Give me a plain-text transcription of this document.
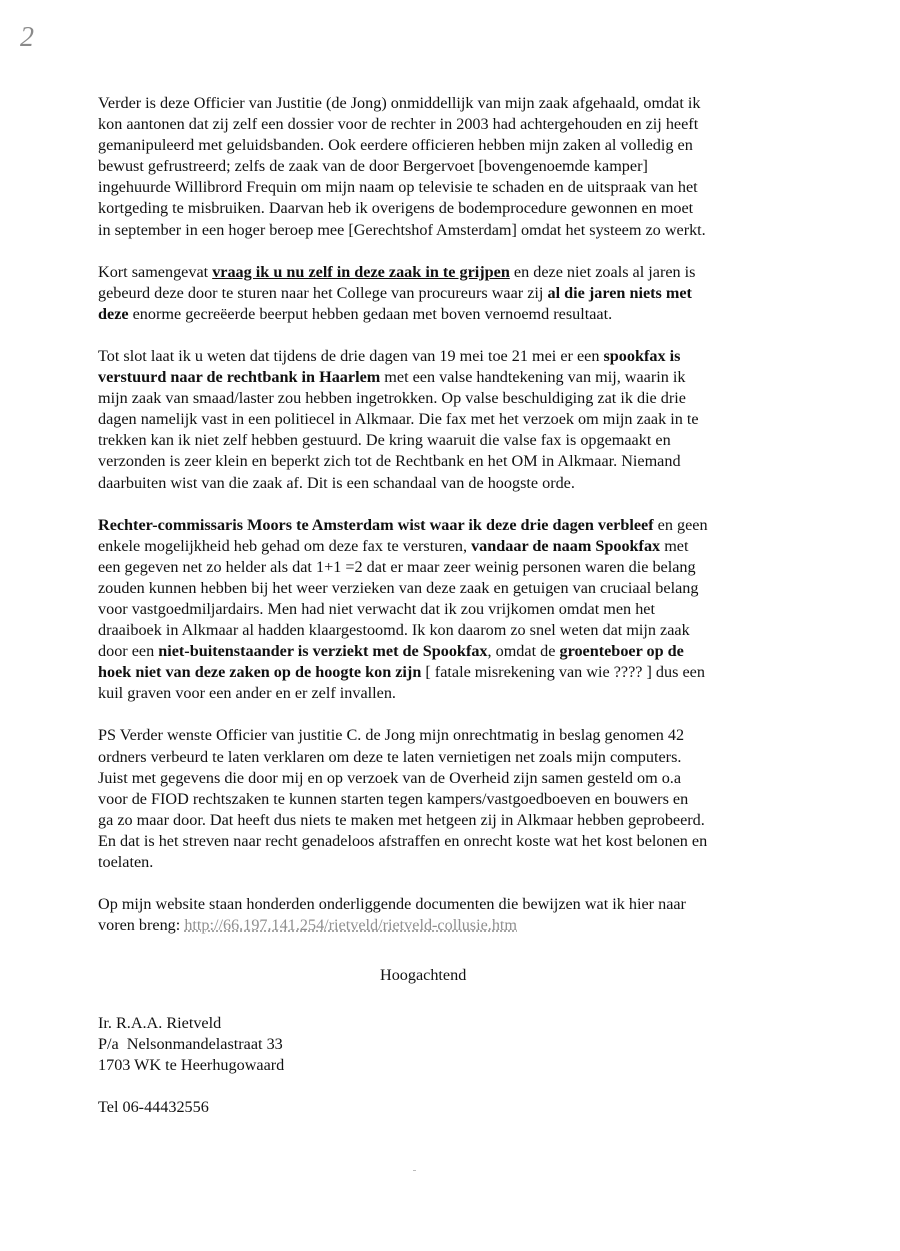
2
Verder is deze Officier van Justitie (de Jong) onmiddellijk van mijn zaak afgehaald, omdat ik
kon aantonen dat zij zelf een dossier voor de rechter in 2003 had achtergehouden en zij heeft
gemanipuleerd met geluidsbanden. Ook eerdere officieren hebben mijn zaken al volledig en
bewust gefrustreerd; zelfs de zaak van de door Bergervoet [bovengenoemde kamper]
ingehuurde Willibrord Frequin om mijn naam op televisie te schaden en de uitspraak van het
kortgeding te misbruiken. Daarvan heb ik overigens de bodemprocedure gewonnen en moet
in september in een hoger beroep mee [Gerechtshof Amsterdam] omdat het systeem zo werkt.
Kort samengevat vraag ik u nu zelf in deze zaak in te grijpen en deze niet zoals al jaren is
gebeurd deze door te sturen naar het College van procureurs waar zij al die jaren niets met
deze enorme gecreëerde beerput hebben gedaan met boven vernoemd resultaat.
Tot slot laat ik u weten dat tijdens de drie dagen van 19 mei toe 21 mei er een spookfax is
verstuurd naar de rechtbank in Haarlem met een valse handtekening van mij, waarin ik
mijn zaak van smaad/laster zou hebben ingetrokken. Op valse beschuldiging zat ik die drie
dagen namelijk vast in een politiecel in Alkmaar. Die fax met het verzoek om mijn zaak in te
trekken kan ik niet zelf hebben gestuurd. De kring waaruit die valse fax is opgemaakt en
verzonden is zeer klein en beperkt zich tot de Rechtbank en het OM in Alkmaar. Niemand
daarbuiten wist van die zaak af. Dit is een schandaal van de hoogste orde.
Rechter-commissaris Moors te Amsterdam wist waar ik deze drie dagen verbleef en geen
enkele mogelijkheid heb gehad om deze fax te versturen, vandaar de naam Spookfax met
een gegeven net zo helder als dat 1+1 =2 dat er maar zeer weinig personen waren die belang
zouden kunnen hebben bij het weer verzieken van deze zaak en getuigen van cruciaal belang
voor vastgoedmiljardairs. Men had niet verwacht dat ik zou vrijkomen omdat men het
draaiboek in Alkmaar al hadden klaargestoomd. Ik kon daarom zo snel weten dat mijn zaak
door een niet-buitenstaander is verziekt met de Spookfax, omdat de groenteboer op de
hoek niet van deze zaken op de hoogte kon zijn [ fatale misrekening van wie ???? ] dus een
kuil graven voor een ander en er zelf invallen.
PS Verder wenste Officier van justitie C. de Jong mijn onrechtmatig in beslag genomen 42
ordners verbeurd te laten verklaren om deze te laten vernietigen net zoals mijn computers.
Juist met gegevens die door mij en op verzoek van de Overheid zijn samen gesteld om o.a
voor de FIOD rechtszaken te kunnen starten tegen kampers/vastgoedboeven en bouwers en
ga zo maar door. Dat heeft dus niets te maken met hetgeen zij in Alkmaar hebben geprobeerd.
En dat is het streven naar recht genadeloos afstraffen en onrecht koste wat het kost belonen en
toelaten.
Op mijn website staan honderden onderliggende documenten die bewijzen wat ik hier naar
voren breng: http://66.197.141.254/rietveld/rietveld-collusie.htm
Hoogachtend
Ir. R.A.A. Rietveld
P/a  Nelsonmandelastraat 33
1703 WK te Heerhugowaard
Tel 06-44432556
